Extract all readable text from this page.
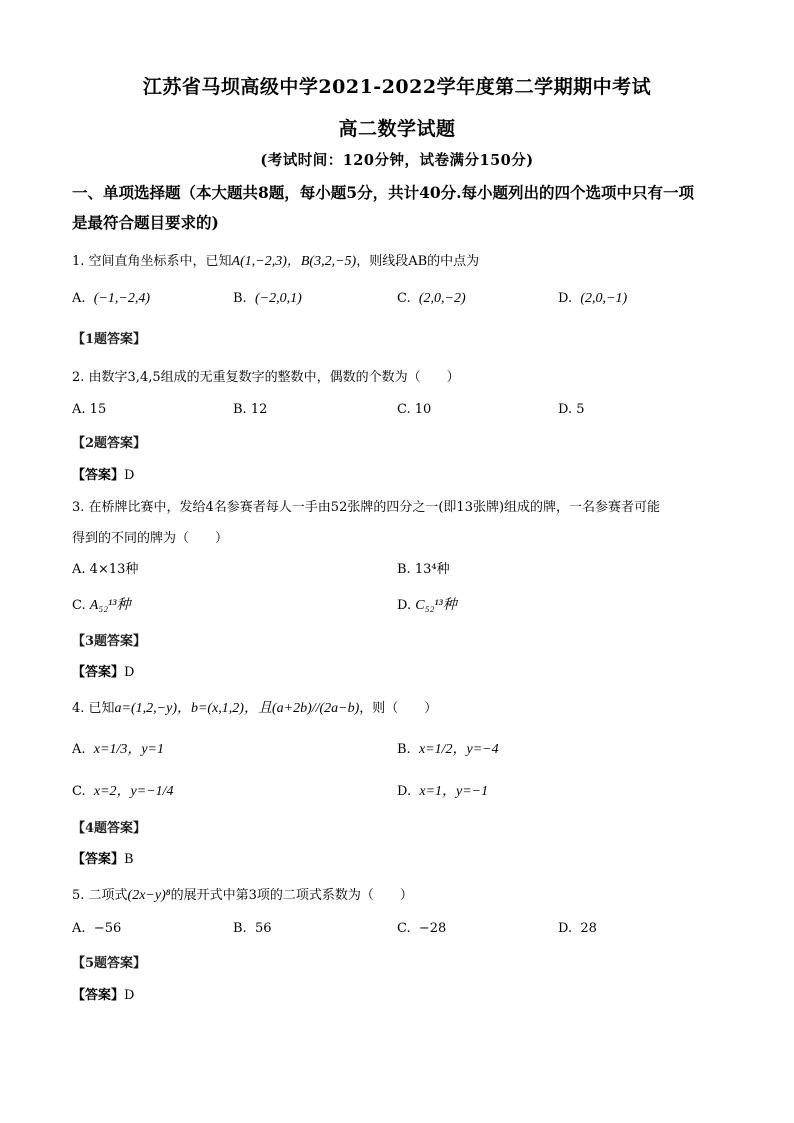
江苏省马坝高级中学2021-2022学年度第二学期期中考试
高二数学试题
(考试时间：120分钟，试卷满分150分)
一、单项选择题（本大题共8题，每小题5分，共计40分.每小题列出的四个选项中只有一项
是最符合题目要求的)
1. 空间直角坐标系中，已知A(1,−2,3)，B(3,2,−5)，则线段AB的中点为
A. (−1,−2,4)	B. (−2,0,1)	C. (2,0,−2)	D. (2,0,−1)
【1题答案】
2. 由数字3,4,5组成的无重复数字的整数中，偶数的个数为（　　）
A. 15	B. 12	C. 10	D. 5
【2题答案】
【答案】D
3. 在桥牌比赛中，发给4名参赛者每人一手由52张牌的四分之一(即13张牌)组成的牌，一名参赛者可能
得到的不同的牌为（　　）
A. 4×13种	B. 13⁴种
C. A₅₂¹³种	D. C₅₂¹³种
【3题答案】
【答案】D
4. 已知a=(1,2,−y)，b=(x,1,2)，且(a+2b)//(2a−b)，则（　　）
A. x=1/3，y=1	B. x=1/2，y=−4
C. x=2，y=−1/4	D. x=1，y=−1
【4题答案】
【答案】B
5. 二项式(2x−y)⁸的展开式中第3项的二项式系数为（　　）
A. −56	B. 56	C. −28	D. 28
【5题答案】
【答案】D
